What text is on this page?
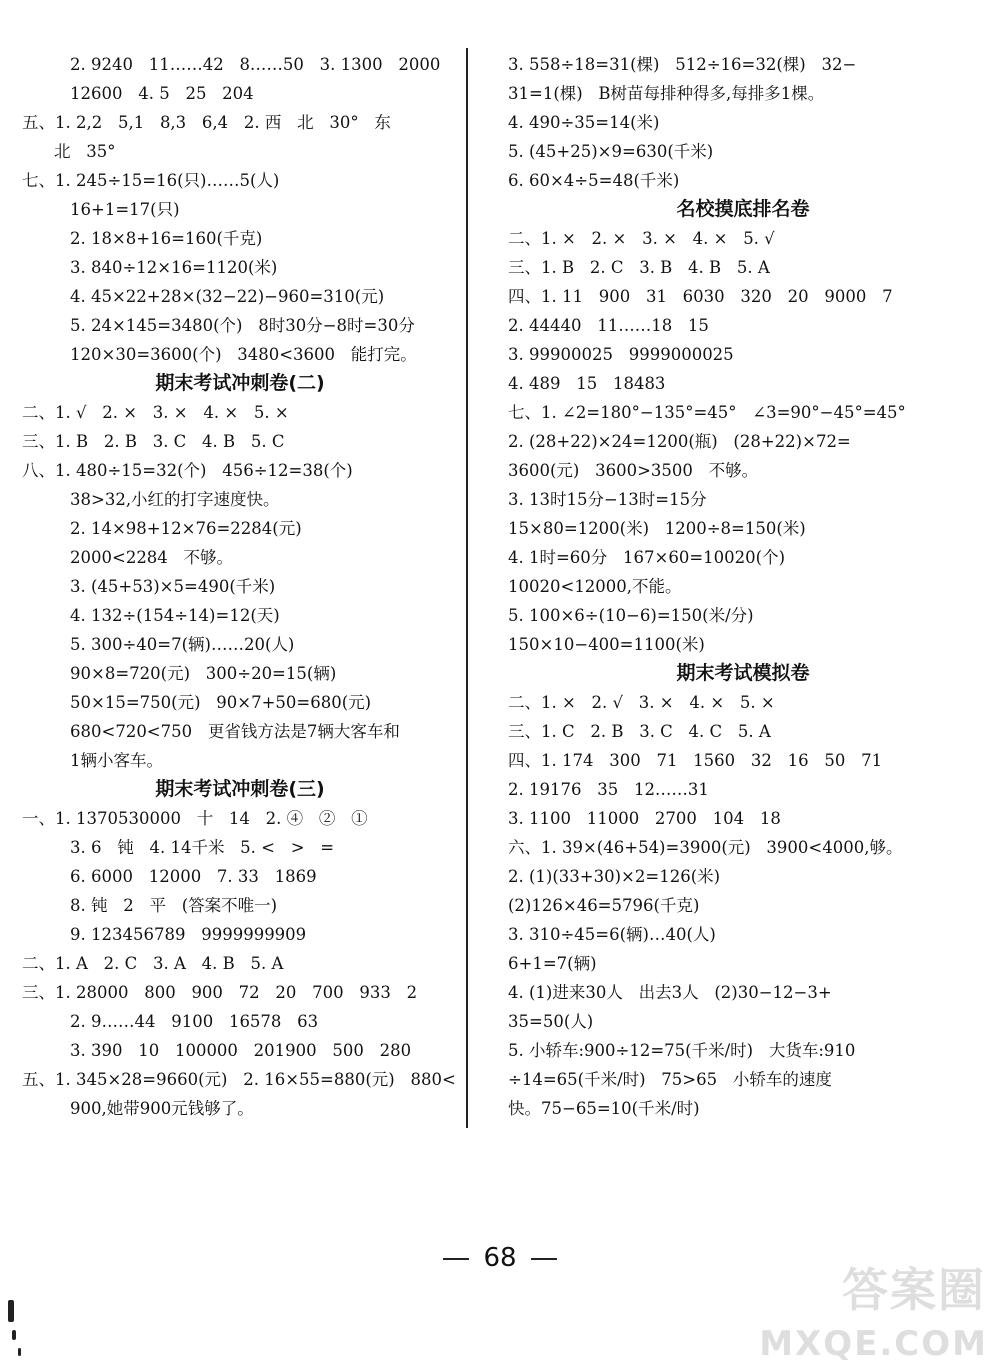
2. 9240   11……42   8……50   3. 1300   2000
12600   4. 5   25   204
五、1. 2,2   5,1   8,3   6,4   2. 西   北   30°   东
北   35°
七、1. 245÷15=16(只)……5(人)
16+1=17(只)
2. 18×8+16=160(千克)
3. 840÷12×16=1120(米)
4. 45×22+28×(32−22)−960=310(元)
5. 24×145=3480(个)   8时30分−8时=30分
120×30=3600(个)   3480<3600   能打完。
期末考试冲刺卷(二)
二、1. √   2. ×   3. ×   4. ×   5. ×
三、1. B   2. B   3. C   4. B   5. C
八、1. 480÷15=32(个)   456÷12=38(个)
38>32,小红的打字速度快。
2. 14×98+12×76=2284(元)
2000<2284   不够。
3. (45+53)×5=490(千米)
4. 132÷(154÷14)=12(天)
5. 300÷40=7(辆)……20(人)
90×8=720(元)   300÷20=15(辆)
50×15=750(元)   90×7+50=680(元)
680<720<750   更省钱方法是7辆大客车和
1辆小客车。
期末考试冲刺卷(三)
一、1. 1370530000   十   14   2. ④   ②   ①
3. 6   钝   4. 14千米   5. <   >   =
6. 6000   12000   7. 33   1869
8. 钝   2   平   (答案不唯一)
9. 123456789   9999999909
二、1. A   2. C   3. A   4. B   5. A
三、1. 28000   800   900   72   20   700   933   2
2. 9……44   9100   16578   63
3. 390   10   100000   201900   500   280
五、1. 345×28=9660(元)   2. 16×55=880(元)   880<
900,她带900元钱够了。
3. 558÷18=31(棵)   512÷16=32(棵)   32−
31=1(棵)   B树苗每排种得多,每排多1棵。
4. 490÷35=14(米)
5. (45+25)×9=630(千米)
6. 60×4÷5=48(千米)
名校摸底排名卷
二、1. ×   2. ×   3. ×   4. ×   5. √
三、1. B   2. C   3. B   4. B   5. A
四、1. 11   900   31   6030   320   20   9000   7
2. 44440   11……18   15
3. 99900025   9999000025
4. 489   15   18483
七、1. ∠2=180°−135°=45°   ∠3=90°−45°=45°
2. (28+22)×24=1200(瓶)   (28+22)×72=
3600(元)   3600>3500   不够。
3. 13时15分−13时=15分
15×80=1200(米)   1200÷8=150(米)
4. 1时=60分   167×60=10020(个)
10020<12000,不能。
5. 100×6÷(10−6)=150(米/分)
150×10−400=1100(米)
期末考试模拟卷
二、1. ×   2. √   3. ×   4. ×   5. ×
三、1. C   2. B   3. C   4. C   5. A
四、1. 174   300   71   1560   32   16   50   71
2. 19176   35   12……31
3. 1100   11000   2700   104   18
六、1. 39×(46+54)=3900(元)   3900<4000,够。
2. (1)(33+30)×2=126(米)
(2)126×46=5796(千克)
3. 310÷45=6(辆)…40(人)
6+1=7(辆)
4. (1)进来30人   出去3人   (2)30−12−3+
35=50(人)
5. 小轿车:900÷12=75(千米/时)   大货车:910
÷14=65(千米/时)   75>65   小轿车的速度
快。75−65=10(千米/时)
68
答案圈
MXQE.COM
